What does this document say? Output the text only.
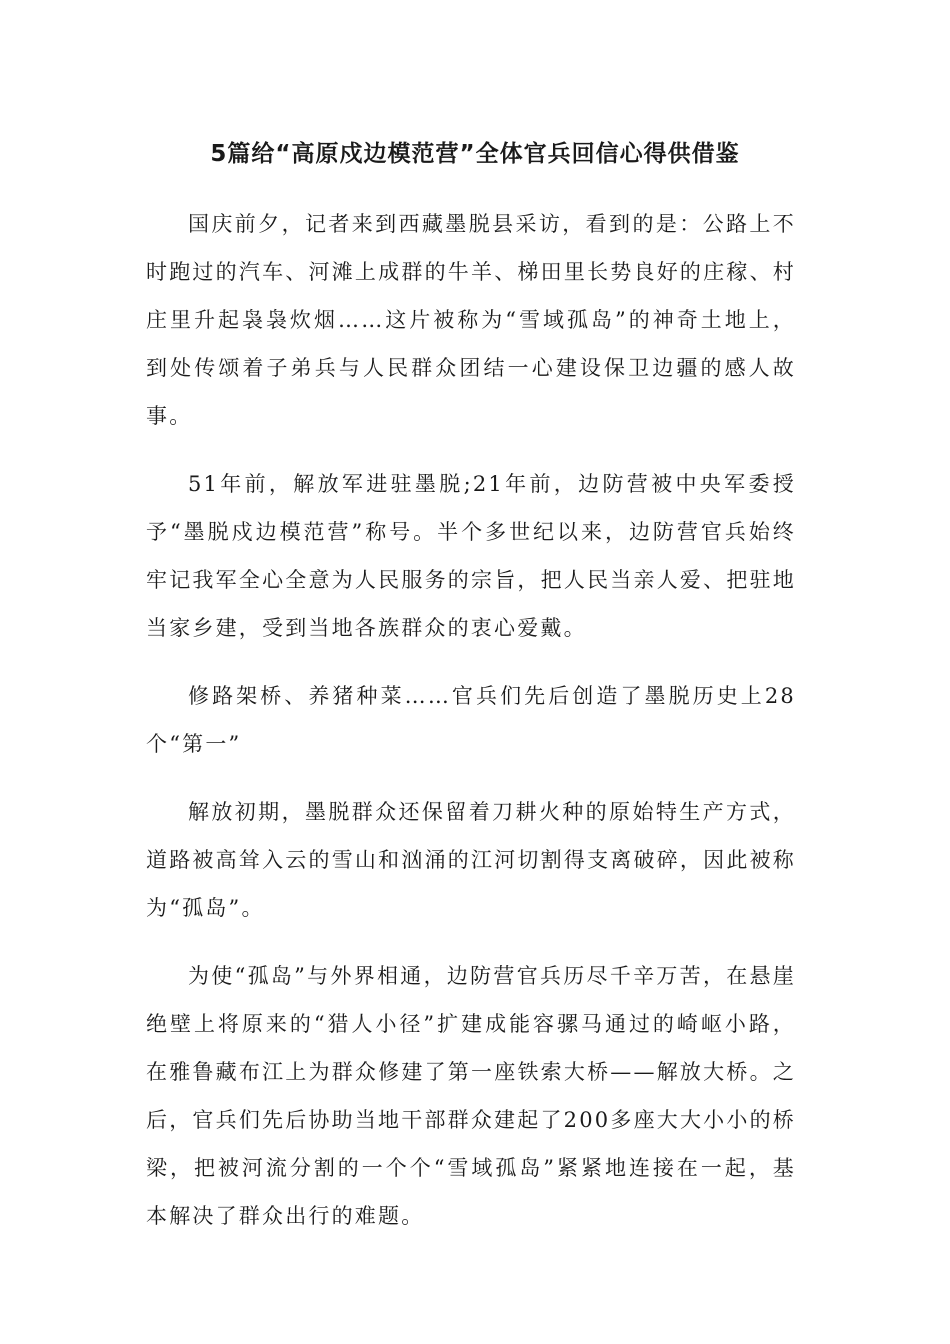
5篇给“高原戍边模范营”全体官兵回信心得供借鉴

国庆前夕，记者来到西藏墨脱县采访，看到的是：公路上不时跑过的汽车、河滩上成群的牛羊、梯田里长势良好的庄稼、村庄里升起袅袅炊烟……这片被称为“雪域孤岛”的神奇土地上，到处传颂着子弟兵与人民群众团结一心建设保卫边疆的感人故事。

51年前，解放军进驻墨脱;21年前，边防营被中央军委授予“墨脱戍边模范营”称号。半个多世纪以来，边防营官兵始终牢记我军全心全意为人民服务的宗旨，把人民当亲人爱、把驻地当家乡建，受到当地各族群众的衷心爱戴。

修路架桥、养猪种菜……官兵们先后创造了墨脱历史上28个“第一”

解放初期，墨脱群众还保留着刀耕火种的原始特生产方式，道路被高耸入云的雪山和汹涌的江河切割得支离破碎，因此被称为“孤岛”。

为使“孤岛”与外界相通，边防营官兵历尽千辛万苦，在悬崖绝壁上将原来的“猎人小径”扩建成能容骡马通过的崎岖小路，在雅鲁藏布江上为群众修建了第一座铁索大桥——解放大桥。之后，官兵们先后协助当地干部群众建起了200多座大大小小的桥梁，把被河流分割的一个个“雪域孤岛”紧紧地连接在一起，基本解决了群众出行的难题。
